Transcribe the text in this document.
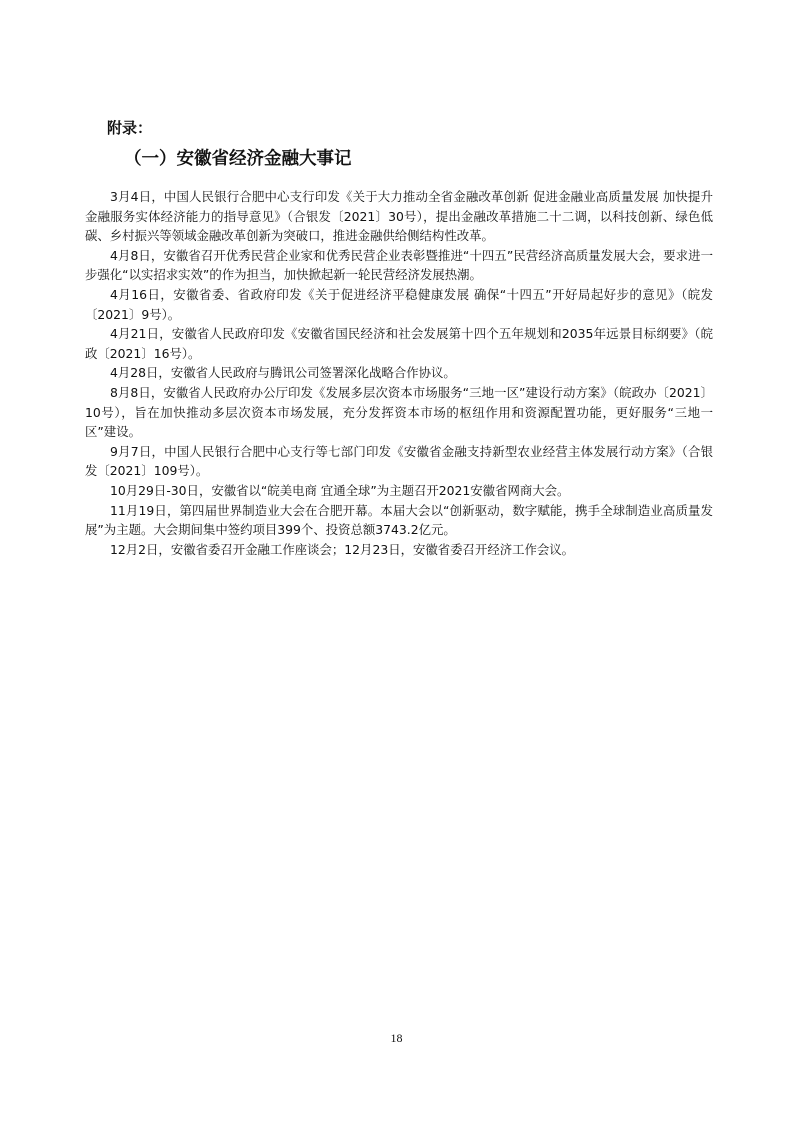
附录：
（一）安徽省经济金融大事记

3月4日，中国人民银行合肥中心支行印发《关于大力推动全省金融改革创新 促进金融业高质量发展 加快提升金融服务实体经济能力的指导意见》（合银发〔2021〕30号），提出金融改革措施二十二调，以科技创新、绿色低碳、乡村振兴等领域金融改革创新为突破口，推进金融供给侧结构性改革。

4月8日，安徽省召开优秀民营企业家和优秀民营企业表彰暨推进“十四五”民营经济高质量发展大会，要求进一步强化“以实招求实效”的作为担当，加快掀起新一轮民营经济发展热潮。

4月16日，安徽省委、省政府印发《关于促进经济平稳健康发展 确保“十四五”开好局起好步的意见》（皖发〔2021〕9号）。

4月21日，安徽省人民政府印发《安徽省国民经济和社会发展第十四个五年规划和2035年远景目标纲要》（皖政〔2021〕16号）。

4月28日，安徽省人民政府与腾讯公司签署深化战略合作协议。

8月8日，安徽省人民政府办公厅印发《发展多层次资本市场服务“三地一区”建设行动方案》（皖政办〔2021〕10号），旨在加快推动多层次资本市场发展，充分发挥资本市场的枢纽作用和资源配置功能，更好服务“三地一区”建设。

9月7日，中国人民银行合肥中心支行等七部门印发《安徽省金融支持新型农业经营主体发展行动方案》（合银发〔2021〕109号）。

10月29日-30日，安徽省以“皖美电商 宜通全球”为主题召开2021安徽省网商大会。

11月19日，第四届世界制造业大会在合肥开幕。本届大会以“创新驱动，数字赋能，携手全球制造业高质量发展”为主题。大会期间集中签约项目399个、投资总额3743.2亿元。

12月2日，安徽省委召开金融工作座谈会；12月23日，安徽省委召开经济工作会议。

18
